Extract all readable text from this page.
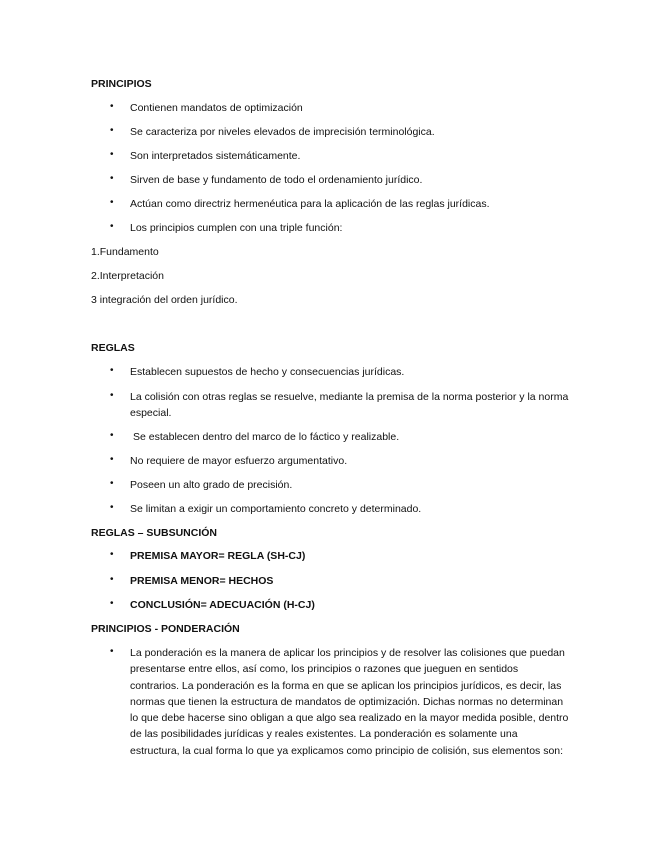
PRINCIPIOS
• Contienen mandatos de optimización
• Se caracteriza por niveles elevados de imprecisión terminológica.
• Son interpretados sistemáticamente.
• Sirven de base y fundamento de todo el ordenamiento jurídico.
• Actúan como directriz hermenéutica para la aplicación de las reglas jurídicas.
• Los principios cumplen con una triple función:
1.Fundamento
2.Interpretación
3 integración del orden jurídico.
REGLAS
• Establecen supuestos de hecho y consecuencias jurídicas.
• La colisión con otras reglas se resuelve, mediante la premisa de la norma posterior y la norma especial.
• Se establecen dentro del marco de lo fáctico y realizable.
• No requiere de mayor esfuerzo argumentativo.
• Poseen un alto grado de precisión.
• Se limitan a exigir un comportamiento concreto y determinado.
REGLAS – SUBSUNCIÓN
• PREMISA MAYOR= REGLA (SH-CJ)
• PREMISA MENOR= HECHOS
• CONCLUSIÓN= ADECUACIÓN (H-CJ)
PRINCIPIOS - PONDERACIÓN
• La ponderación es la manera de aplicar los principios y de resolver las colisiones que puedan presentarse entre ellos, así como, los principios o razones que jueguen en sentidos contrarios. La ponderación es la forma en que se aplican los principios jurídicos, es decir, las normas que tienen la estructura de mandatos de optimización. Dichas normas no determinan lo que debe hacerse sino obligan a que algo sea realizado en la mayor medida posible, dentro de las posibilidades jurídicas y reales existentes. La ponderación es solamente una estructura, la cual forma lo que ya explicamos como principio de colisión, sus elementos son:
